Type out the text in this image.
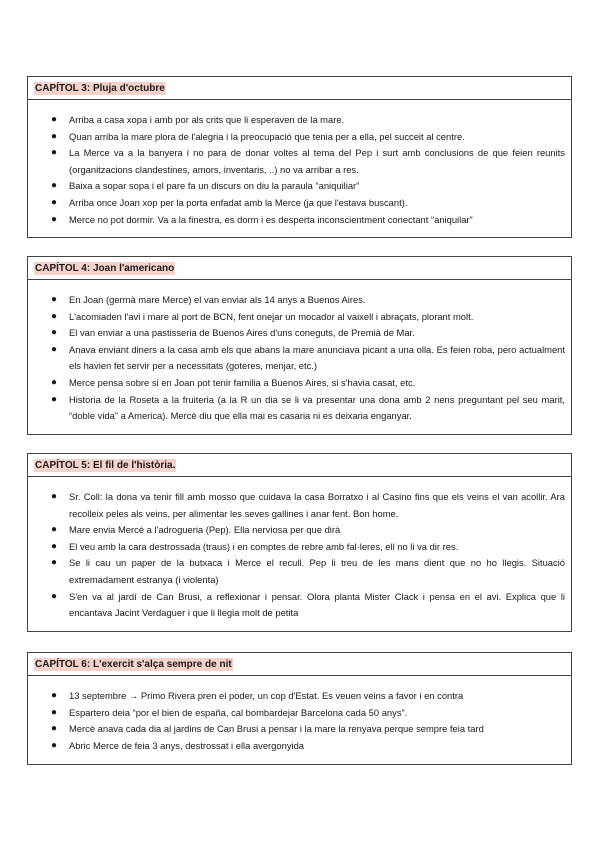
CAPÍTOL 3: Pluja d'octubre
● Arriba a casa xopa i amb por als crits que li esperaven de la mare.
● Quan arriba la mare plora de l'alegria i la preocupació que tenia per a ella, pel succeit al centre.
● La Merce va a la banyera i no para de donar voltes al tema del Pep i surt amb conclusions de que feien reunits (organitzacions clandestines, amors, inventaris, ..) no va arribar a res.
● Baixa a sopar sopa i el pare fa un discurs on diu la paraula “aniquiliar”
● Arriba once Joan xop per la porta enfadat amb la Merce (ja que l'estava buscant).
● Merce no pot dormir. Va a la finestra, es dorm i es desperta inconscientment conectant “aniquilar”
CAPÍTOL 4: Joan l'americano
● En Joan (germà mare Merce) el van enviar als 14 anys a Buenos Aires.
● L'acomiaden l'avi i mare al port de BCN, fent onejar un mocador al vaixell i abraçats, plorant molt.
● El van enviar a una pastisseria de Buenos Aires d'uns coneguts, de Premià de Mar.
● Anava enviant diners a la casa amb els que abans la mare anunciava picant a una olla. Es feien roba, pero actualment els havien fet servir per a necessitats (goteres, menjar, etc.)
● Merce pensa sobre si en Joan pot tenir familia a Buenos Aires, si s'havia casat, etc.
● Historia de la Roseta a la fruiteria (a la R un dia se li va presentar una dona amb 2 nens preguntant pel seu marit, “doble vida” a America). Mercè diu que ella mai es casaria ni es deixaria enganyar.
CAPÍTOL 5: El fil de l'història.
● Sr. Coll: la dona va tenir fill amb mosso que cuidava la casa Borratxo i al Casino fins que els veins el van acollir. Ara recolleix peles als veins, per alimentar les seves gallines i anar fent. Bon home.
● Mare envia Mercè a l'adrogueria (Pep). Ella nerviosa per que dirà
● El veu amb la cara destrossada (traus) i en comptes de rebre amb fal·leres, ell no li va dir res.
● Se li cau un paper de la butxaca i Merce el recull. Pep li treu de les mans dient que no ho llegis. Situació extremadament estranya (i violenta)
● S'en va al jardí de Can Brusi, a reflexionar i pensar. Olora planta Mister Clack i pensa en el avi. Explica que li encantava Jacint Verdaguer i que li llegia molt de petita
CAPÍTOL 6: L'exercit s'alça sempre de nit
● 13 septembre → Primo Rivera pren el poder, un cop d'Estat. Es veuen veins a favor i en contra
● Espartero deia “por el bien de españa, cal bombardejar Barcelona cada 50 anys”.
● Mercè anava cada dia al jardins de Can Brusi a pensar i la mare la renyava perque sempre feia tard
● Abric Merce de feia 3 anys, destrossat i ella avergonyida
